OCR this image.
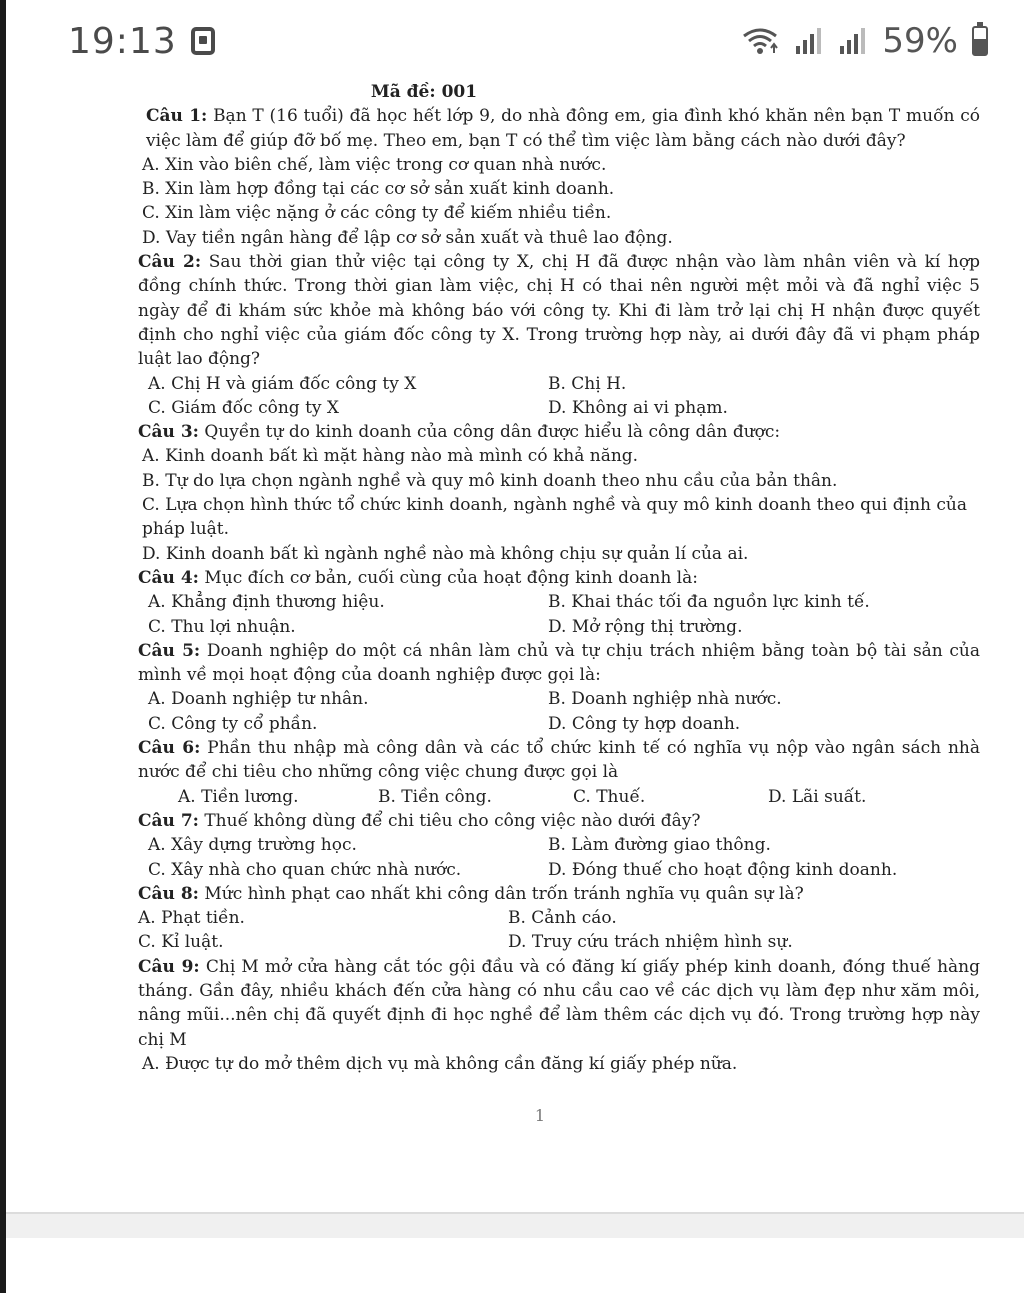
19:13	59%
Mã đề: 001
Câu 1: Bạn T (16 tuổi) đã học hết lớp 9, do nhà đông em, gia đình khó khăn nên bạn T muốn có việc làm để giúp đỡ bố mẹ. Theo em, bạn T có thể tìm việc làm bằng cách nào dưới đây?
A. Xin vào biên chế, làm việc trong cơ quan nhà nước.
B. Xin làm hợp đồng tại các cơ sở sản xuất kinh doanh.
C. Xin làm việc nặng ở các công ty để kiếm nhiều tiền.
D. Vay tiền ngân hàng để lập cơ sở sản xuất và thuê lao động.
Câu 2: Sau thời gian thử việc tại công ty X, chị H đã được nhận vào làm nhân viên và kí hợp đồng chính thức. Trong thời gian làm việc, chị H có thai nên người mệt mỏi và đã nghỉ việc 5 ngày để đi khám sức khỏe mà không báo với công ty. Khi đi làm trở lại chị H nhận được quyết định cho nghỉ việc của giám đốc công ty X. Trong trường hợp này, ai dưới đây đã vi phạm pháp luật lao động?
A. Chị H và giám đốc công ty X	B. Chị H.
C. Giám đốc công ty X	D. Không ai vi phạm.
Câu 3: Quyền tự do kinh doanh của công dân được hiểu là công dân được:
A. Kinh doanh bất kì mặt hàng nào mà mình có khả năng.
B. Tự do lựa chọn ngành nghề và quy mô kinh doanh theo nhu cầu của bản thân.
C. Lựa chọn hình thức tổ chức kinh doanh, ngành nghề và quy mô kinh doanh theo qui định của pháp luật.
D. Kinh doanh bất kì ngành nghề nào mà không chịu sự quản lí của ai.
Câu 4: Mục đích cơ bản, cuối cùng của hoạt động kinh doanh là:
A. Khẳng định thương hiệu.	B. Khai thác tối đa nguồn lực kinh tế.
C. Thu lợi nhuận.	D. Mở rộng thị trường.
Câu 5: Doanh nghiệp do một cá nhân làm chủ và tự chịu trách nhiệm bằng toàn bộ tài sản của mình về mọi hoạt động của doanh nghiệp được gọi là:
A. Doanh nghiệp tư nhân.	B. Doanh nghiệp nhà nước.
C. Công ty cổ phần.	D. Công ty hợp doanh.
Câu 6: Phần thu nhập mà công dân và các tổ chức kinh tế có nghĩa vụ nộp vào ngân sách nhà nước để chi tiêu cho những công việc chung được gọi là
A. Tiền lương.	B. Tiền công.	C. Thuế.	D. Lãi suất.
Câu 7: Thuế không dùng để chi tiêu cho công việc nào dưới đây?
A. Xây dựng trường học.	B. Làm đường giao thông.
C. Xây nhà cho quan chức nhà nước.	D. Đóng thuế cho hoạt động kinh doanh.
Câu 8: Mức hình phạt cao nhất khi công dân trốn tránh nghĩa vụ quân sự là?
A. Phạt tiền.	B. Cảnh cáo.
C. Kỉ luật.	D. Truy cứu trách nhiệm hình sự.
Câu 9: Chị M mở cửa hàng cắt tóc gội đầu và có đăng kí giấy phép kinh doanh, đóng thuế hàng tháng. Gần đây, nhiều khách đến cửa hàng có nhu cầu cao về các dịch vụ làm đẹp như xăm môi, nâng mũi...nên chị đã quyết định đi học nghề để làm thêm các dịch vụ đó. Trong trường hợp này chị M
A. Được tự do mở thêm dịch vụ mà không cần đăng kí giấy phép nữa.
1
